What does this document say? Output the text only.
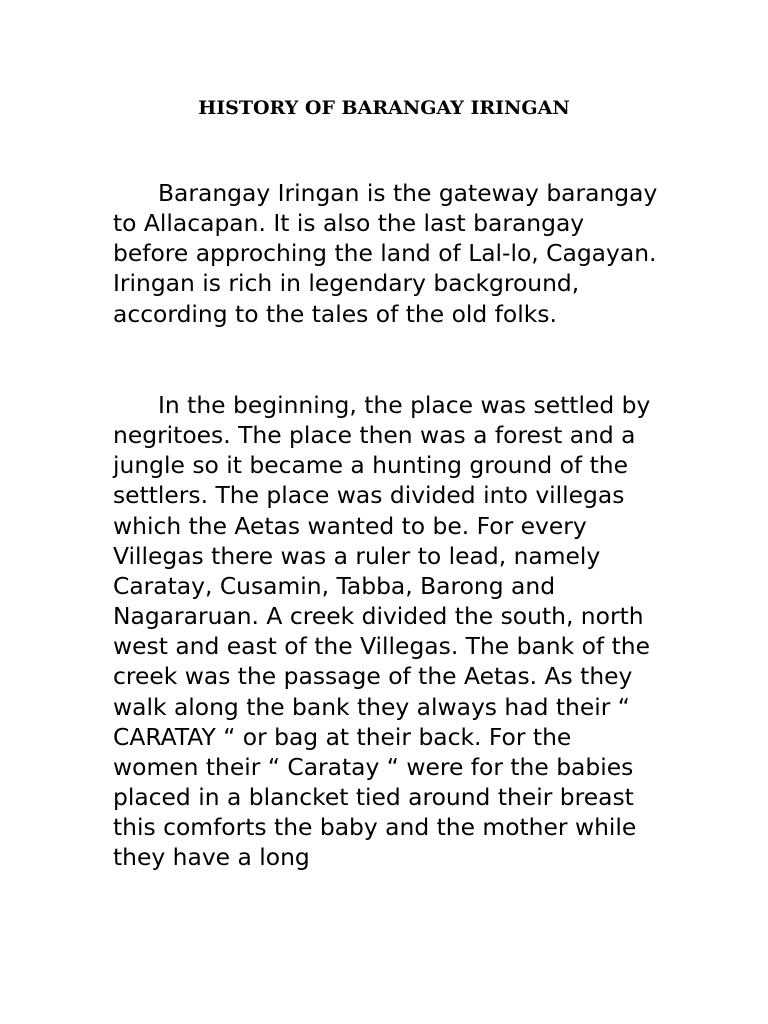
HISTORY OF BARANGAY IRINGAN

Barangay Iringan is the gateway barangay to Allacapan. It is also the last barangay before approching the land of Lal-lo, Cagayan. Iringan is rich in legendary background, according to the tales of the old folks.

In the beginning, the place was settled by negritoes. The place then was a forest and a jungle so it became a hunting ground of the settlers. The place was divided into villegas which the Aetas wanted to be. For every Villegas there was a ruler to lead, namely Caratay, Cusamin, Tabba, Barong and Nagararuan. A creek divided the south, north west and east of the Villegas. The bank of the creek was the passage of the Aetas. As they walk along the bank they always had their “ CARATAY “ or bag at their back. For the women their “ Caratay “ were for the babies placed in a blancket tied around their breast this comforts the baby and the mother while they have a long
